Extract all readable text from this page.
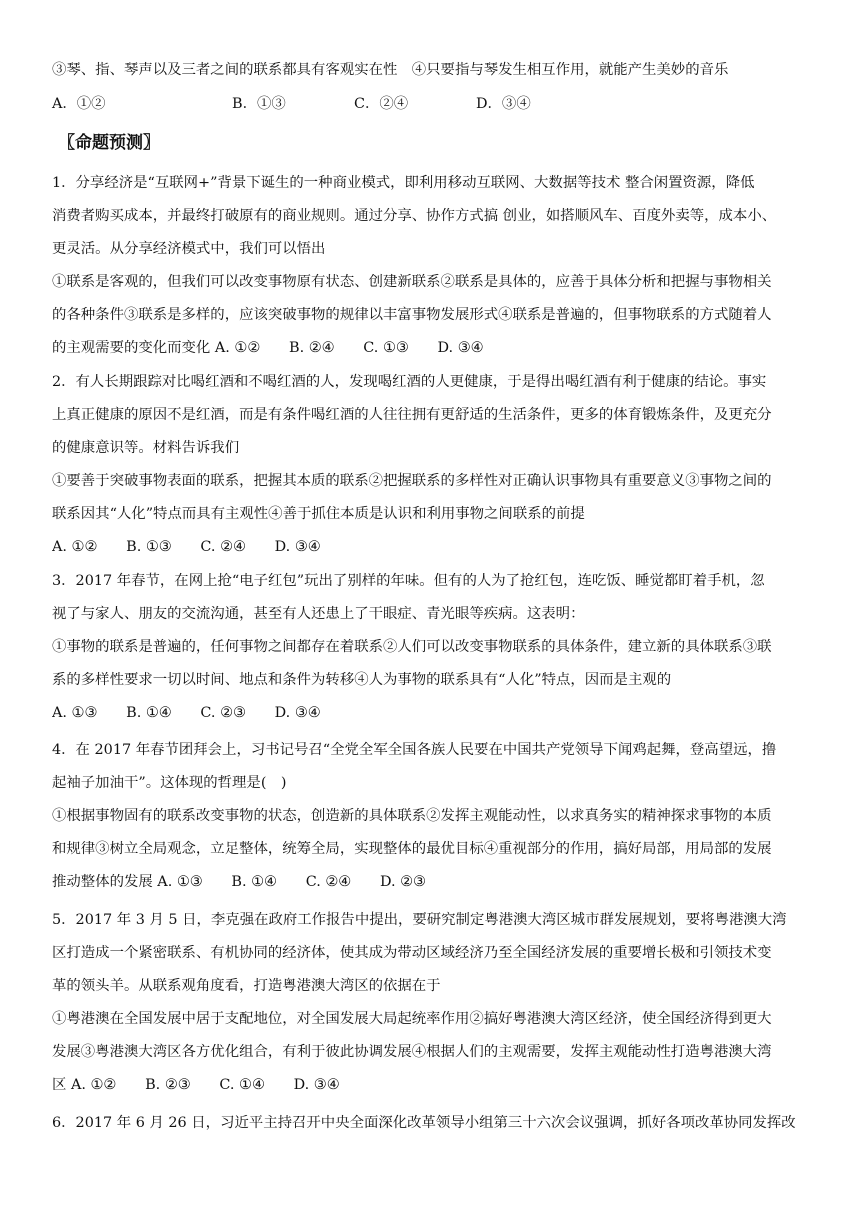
③琴、指、琴声以及三者之间的联系都具有客观实在性　④只要指与琴发生相互作用，就能产生美妙的音乐
A．①②	B．①③	C．②④	D．③④
〖命题预测〗
1．分享经济是“互联网+”背景下诞生的一种商业模式，即利用移动互联网、大数据等技术 整合闲置资源，降低
消费者购买成本，并最终打破原有的商业规则。通过分享、协作方式搞 创业，如搭顺风车、百度外卖等，成本小、
更灵活。从分享经济模式中，我们可以悟出
①联系是客观的，但我们可以改变事物原有状态、创建新联系②联系是具体的，应善于具体分析和把握与事物相关
的各种条件③联系是多样的，应该突破事物的规律以丰富事物发展形式④联系是普遍的，但事物联系的方式随着人
的主观需要的变化而变化 A. ①②　　B. ②④　　C. ①③　　D. ③④
2．有人长期跟踪对比喝红酒和不喝红酒的人，发现喝红酒的人更健康，于是得出喝红酒有利于健康的结论。事实
上真正健康的原因不是红酒，而是有条件喝红酒的人往往拥有更舒适的生活条件，更多的体育锻炼条件，及更充分
的健康意识等。材料告诉我们
①要善于突破事物表面的联系，把握其本质的联系②把握联系的多样性对正确认识事物具有重要意义③事物之间的
联系因其“人化”特点而具有主观性④善于抓住本质是认识和利用事物之间联系的前提
A. ①②　　B. ①③　　C. ②④　　D. ③④
3．2017 年春节，在网上抢“电子红包”玩出了别样的年味。但有的人为了抢红包，连吃饭、睡觉都盯着手机，忽
视了与家人、朋友的交流沟通，甚至有人还患上了干眼症、青光眼等疾病。这表明：
①事物的联系是普遍的，任何事物之间都存在着联系②人们可以改变事物联系的具体条件，建立新的具体联系③联
系的多样性要求一切以时间、地点和条件为转移④人为事物的联系具有“人化”特点，因而是主观的
A. ①③　　B. ①④　　C. ②③　　D. ③④
4．在 2017 年春节团拜会上，习书记号召“全党全军全国各族人民要在中国共产党领导下闻鸡起舞，登高望远，撸
起袖子加油干”。这体现的哲理是(　)
①根据事物固有的联系改变事物的状态，创造新的具体联系②发挥主观能动性，以求真务实的精神探求事物的本质
和规律③树立全局观念，立足整体，统筹全局，实现整体的最优目标④重视部分的作用，搞好局部，用局部的发展
推动整体的发展 A. ①③　　B. ①④　　C. ②④　　D. ②③
5．2017 年 3 月 5 日，李克强在政府工作报告中提出，要研究制定粤港澳大湾区城市群发展规划，要将粤港澳大湾
区打造成一个紧密联系、有机协同的经济体，使其成为带动区域经济乃至全国经济发展的重要增长极和引领技术变
革的领头羊。从联系观角度看，打造粤港澳大湾区的依据在于
①粤港澳在全国发展中居于支配地位，对全国发展大局起统率作用②搞好粤港澳大湾区经济，使全国经济得到更大
发展③粤港澳大湾区各方优化组合，有利于彼此协调发展④根据人们的主观需要，发挥主观能动性打造粤港澳大湾
区 A. ①②　　B. ②③　　C. ①④　　D. ③④
6．2017 年 6 月 26 日，习近平主持召开中央全面深化改革领导小组第三十六次会议强调，抓好各项改革协同发挥改
